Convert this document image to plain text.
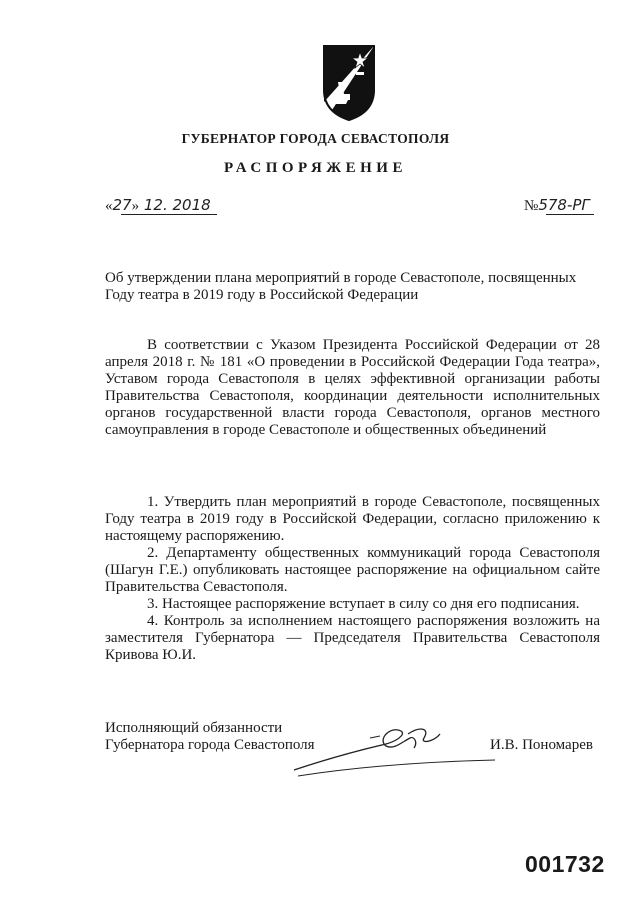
ГУБЕРНАТОР ГОРОДА СЕВАСТОПОЛЯ
РАСПОРЯЖЕНИЕ
«27» 12. 2018	№578-РГ
Об утверждении плана мероприятий в городе Севастополе, посвященных Году театра в 2019 году в Российской Федерации

В соответствии с Указом Президента Российской Федерации от 28 апреля 2018 г. № 181 «О проведении в Российской Федерации Года театра», Уставом города Севастополя в целях эффективной организации работы Правительства Севастополя, координации деятельности исполнительных органов государственной власти города Севастополя, органов местного самоуправления в городе Севастополе и общественных объединений

1. Утвердить план мероприятий в городе Севастополе, посвященных Году театра в 2019 году в Российской Федерации, согласно приложению к настоящему распоряжению.

2. Департаменту общественных коммуникаций города Севастополя (Шагун Г.Е.) опубликовать настоящее распоряжение на официальном сайте Правительства Севастополя.

3. Настоящее распоряжение вступает в силу со дня его подписания.

4. Контроль за исполнением настоящего распоряжения возложить на заместителя Губернатора — Председателя Правительства Севастополя Кривова Ю.И.

Исполняющий обязанности
Губернатора города Севастополя	И.В. Пономарев
001732
